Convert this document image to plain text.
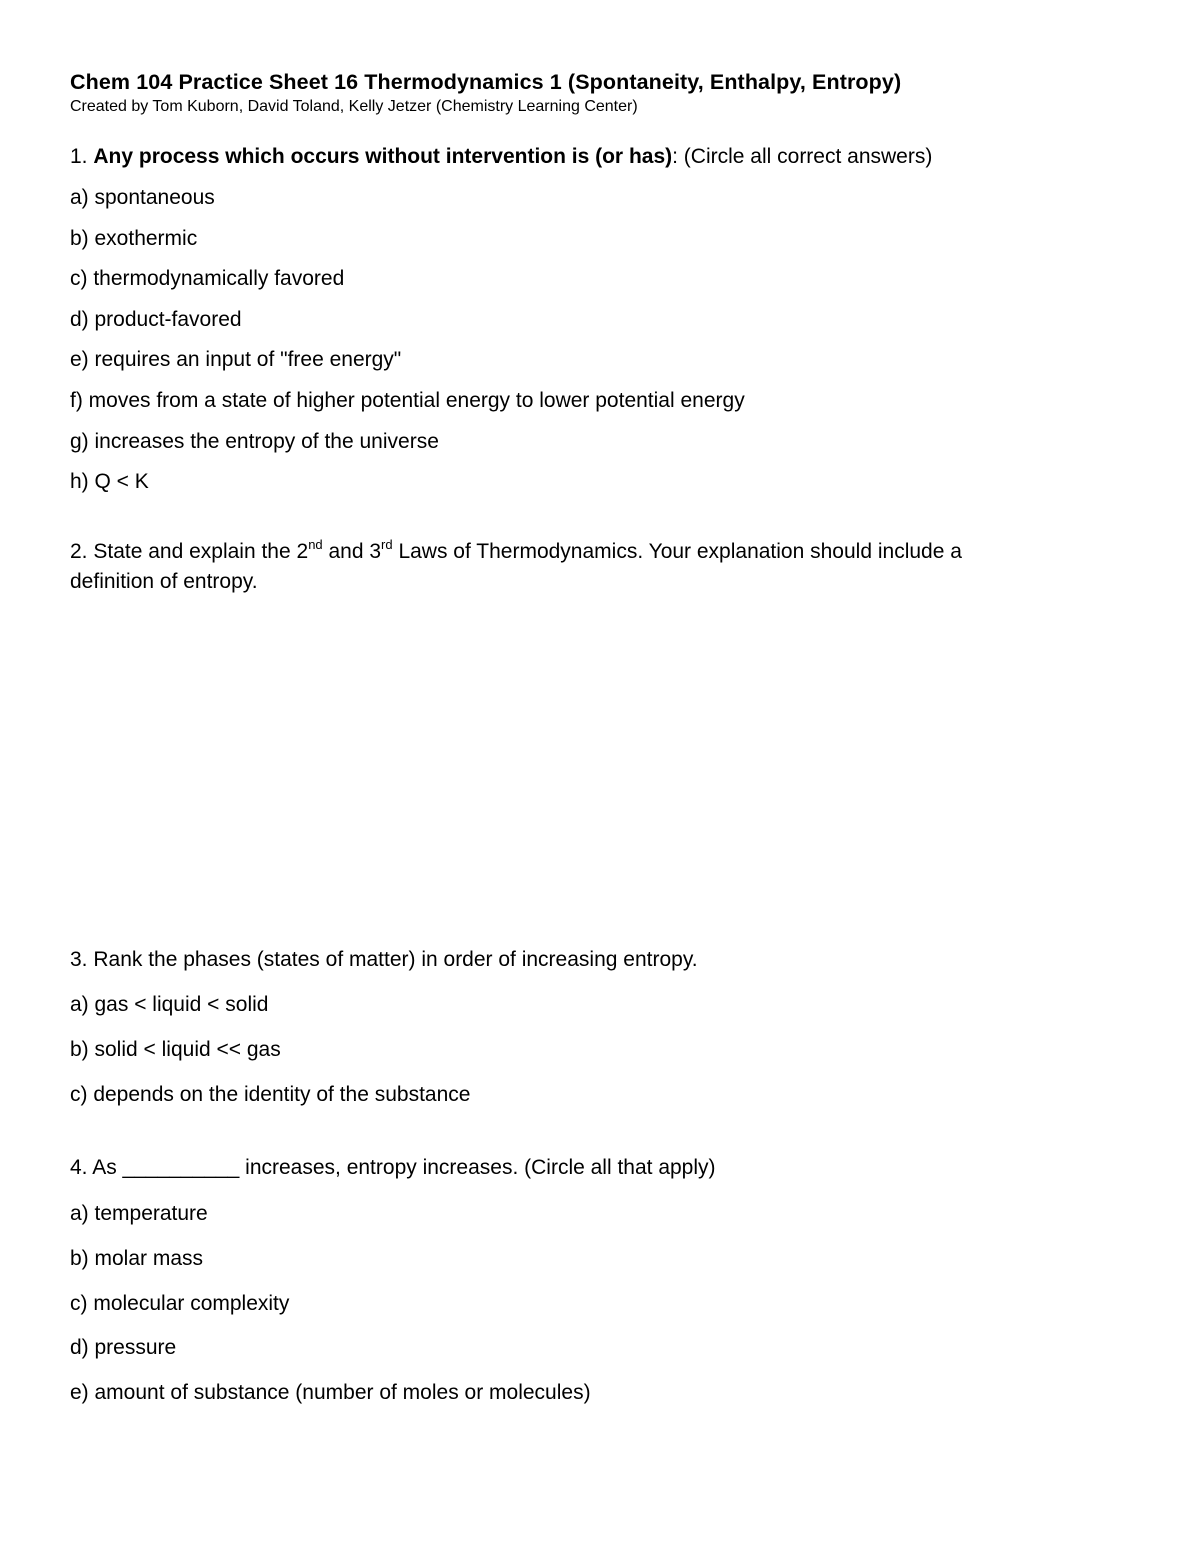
Chem 104 Practice Sheet 16 Thermodynamics 1 (Spontaneity, Enthalpy, Entropy)
Created by Tom Kuborn, David Toland, Kelly Jetzer (Chemistry Learning Center)
1. Any process which occurs without intervention is (or has): (Circle all correct answers)
a) spontaneous
b) exothermic
c) thermodynamically favored
d) product-favored
e) requires an input of "free energy"
f) moves from a state of higher potential energy to lower potential energy
g) increases the entropy of the universe
h) Q < K
2. State and explain the 2nd and 3rd Laws of Thermodynamics. Your explanation should include a
definition of entropy.
3. Rank the phases (states of matter) in order of increasing entropy.
a) gas < liquid < solid
b) solid < liquid << gas
c) depends on the identity of the substance
4. As __________ increases, entropy increases. (Circle all that apply)
a) temperature
b) molar mass
c) molecular complexity
d) pressure
e) amount of substance (number of moles or molecules)
